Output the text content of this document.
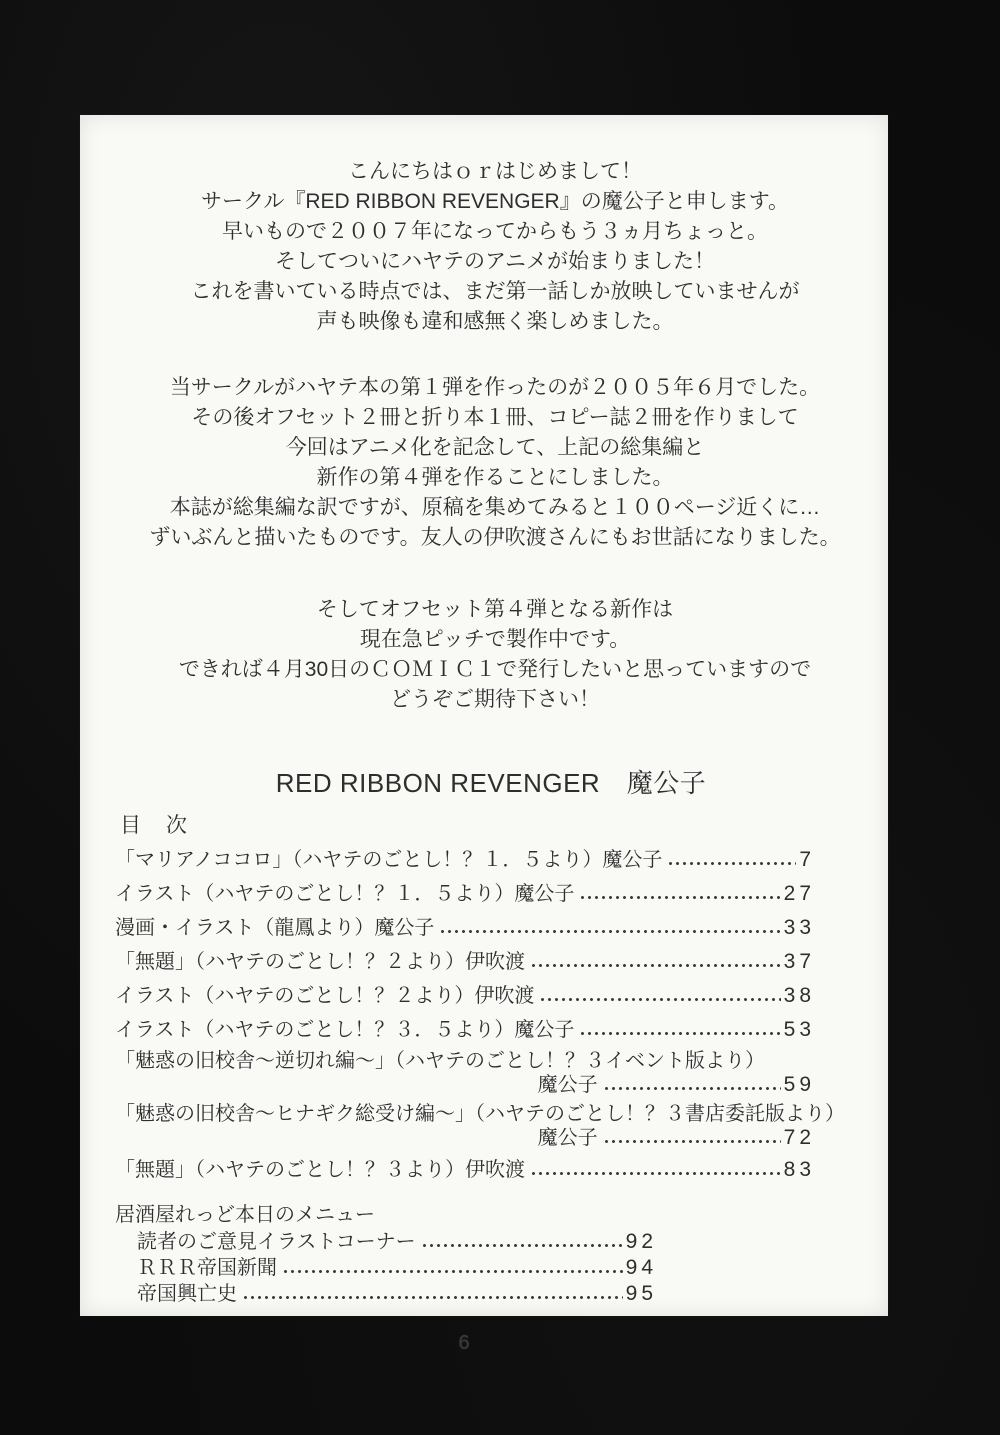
こんにちはｏｒはじめまして！
サークル『RED RIBBON REVENGER』の魔公子と申します。
早いもので２００７年になってからもう３ヵ月ちょっと。
そしてついにハヤテのアニメが始まりました！
これを書いている時点では、まだ第一話しか放映していませんが
声も映像も違和感無く楽しめました。
当サークルがハヤテ本の第１弾を作ったのが２００５年６月でした。
その後オフセット２冊と折り本１冊、コピー誌２冊を作りまして
今回はアニメ化を記念して、上記の総集編と
新作の第４弾を作ることにしました。
本誌が総集編な訳ですが、原稿を集めてみると１００ページ近くに…
ずいぶんと描いたものです。友人の伊吹渡さんにもお世話になりました。
そしてオフセット第４弾となる新作は
現在急ピッチで製作中です。
できれば４月30日のＣＯＭＩＣ１で発行したいと思っていますので
どうぞご期待下さい！
RED RIBBON REVENGER　魔公子
目　次
「マリアノココロ」（ハヤテのごとし！？１．５より）魔公子	7
イラスト（ハヤテのごとし！？１．５より）魔公子	27
漫画・イラスト（龍鳳より）魔公子	33
「無題」（ハヤテのごとし！？２より）伊吹渡	37
イラスト（ハヤテのごとし！？２より）伊吹渡	38
イラスト（ハヤテのごとし！？３．５より）魔公子	53
「魅惑の旧校舎～逆切れ編～」（ハヤテのごとし！？３イベント版より）
魔公子	59
「魅惑の旧校舎～ヒナギク総受け編～」（ハヤテのごとし！？３書店委託版より）
魔公子	72
「無題」（ハヤテのごとし！？３より）伊吹渡	83
居酒屋れっど本日のメニュー
読者のご意見イラストコーナー	92
ＲＲＲ帝国新聞	94
帝国興亡史	95
6
